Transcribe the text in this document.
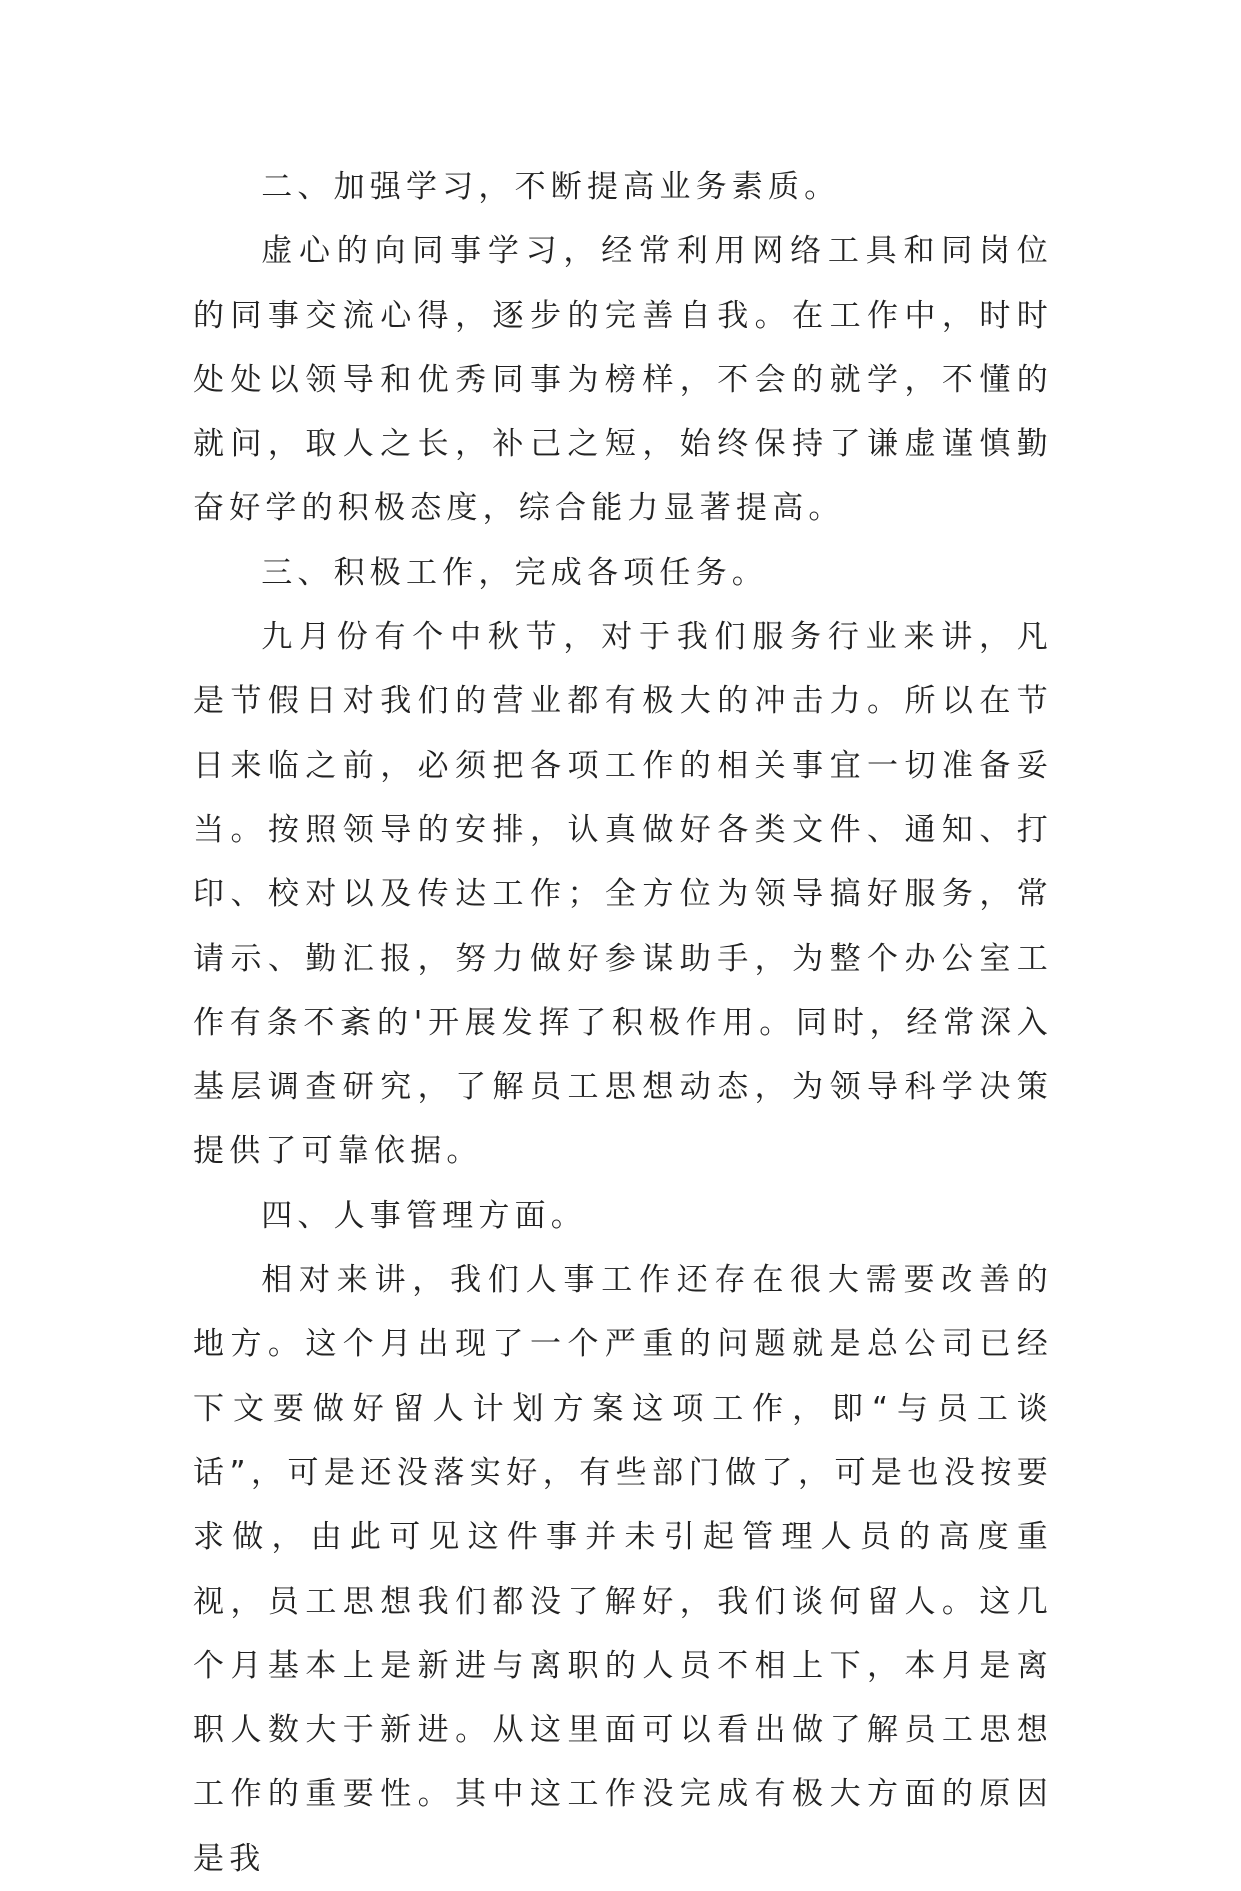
二、加强学习，不断提高业务素质。

虚心的向同事学习，经常利用网络工具和同岗位的同事交流心得，逐步的完善自我。在工作中，时时处处以领导和优秀同事为榜样，不会的就学，不懂的就问，取人之长，补己之短，始终保持了谦虚谨慎勤奋好学的积极态度，综合能力显著提高。

三、积极工作，完成各项任务。

九月份有个中秋节，对于我们服务行业来讲，凡是节假日对我们的营业都有极大的冲击力。所以在节日来临之前，必须把各项工作的相关事宜一切准备妥当。按照领导的安排，认真做好各类文件、通知、打印、校对以及传达工作；全方位为领导搞好服务，常请示、勤汇报，努力做好参谋助手，为整个办公室工作有条不紊的'开展发挥了积极作用。同时，经常深入基层调查研究，了解员工思想动态，为领导科学决策提供了可靠依据。

四、人事管理方面。

相对来讲，我们人事工作还存在很大需要改善的地方。这个月出现了一个严重的问题就是总公司已经下文要做好留人计划方案这项工作，即“与员工谈话”，可是还没落实好，有些部门做了，可是也没按要求做，由此可见这件事并未引起管理人员的高度重视，员工思想我们都没了解好，我们谈何留人。这几个月基本上是新进与离职的人员不相上下，本月是离职人数大于新进。从这里面可以看出做了解员工思想工作的重要性。其中这工作没完成有极大方面的原因是我
